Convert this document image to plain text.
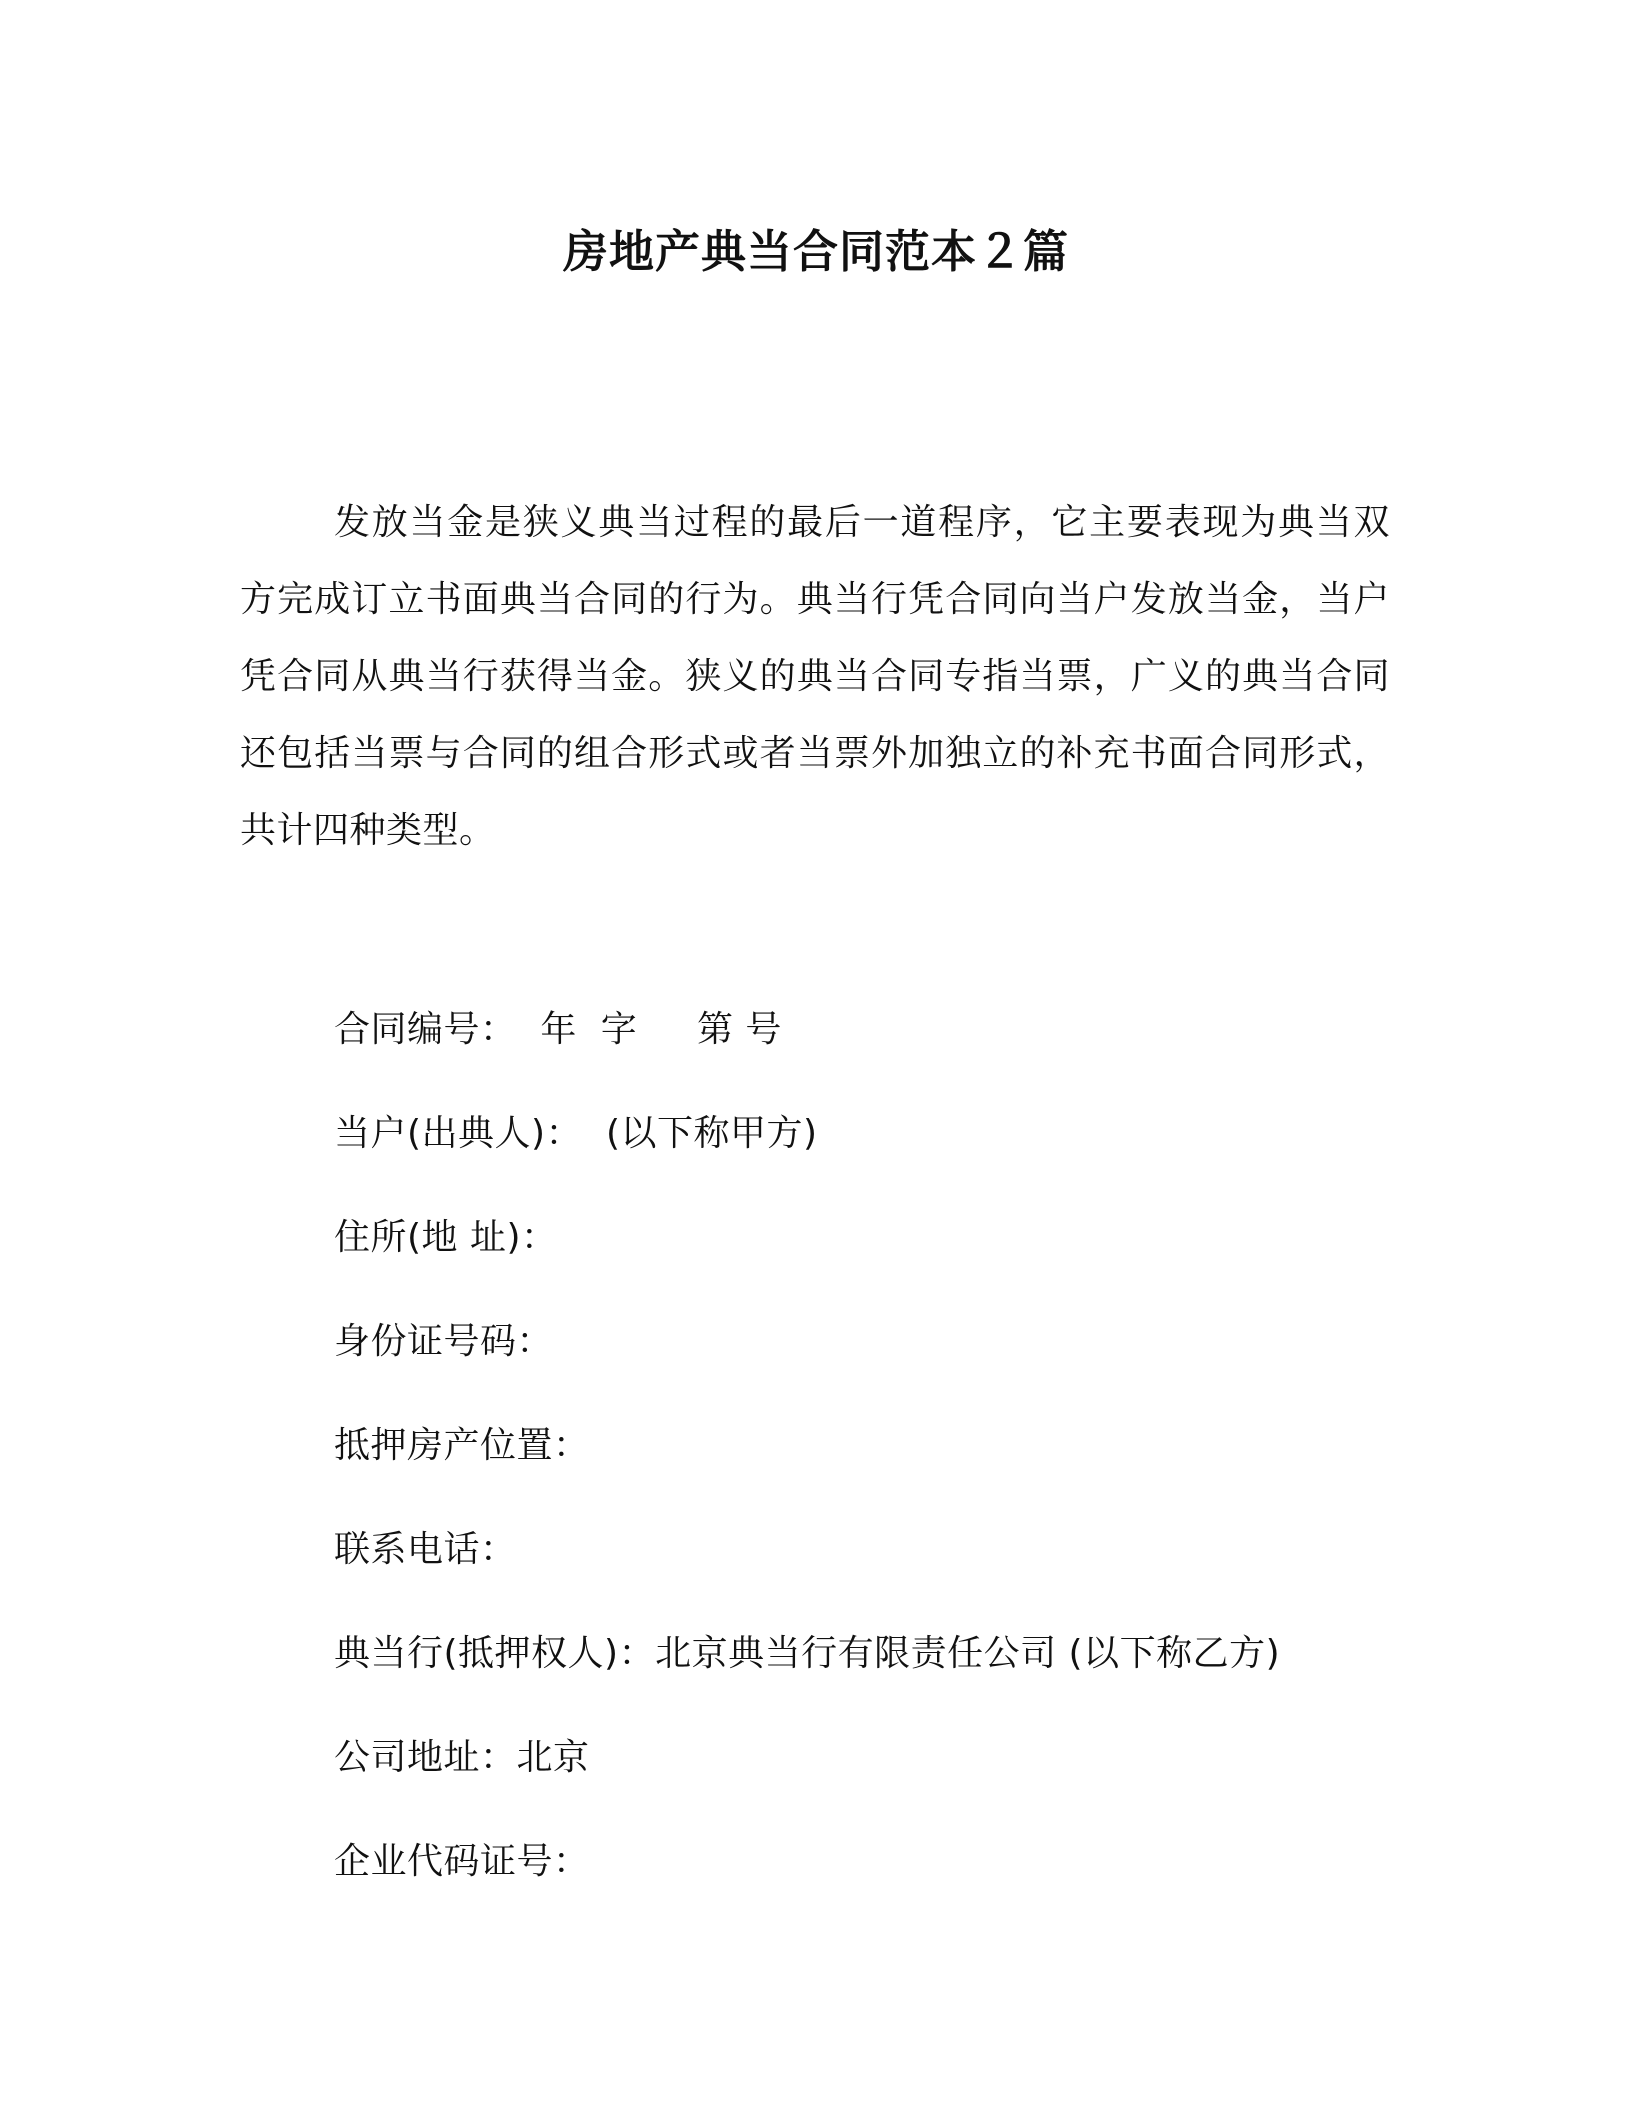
房地产典当合同范本２篇

发放当金是狭义典当过程的最后一道程序，它主要表现为典当双方完成订立书面典当合同的行为。典当行凭合同向当户发放当金，当户凭合同从典当行获得当金。狭义的典当合同专指当票，广义的典当合同还包括当票与合同的组合形式或者当票外加独立的补充书面合同形式，共计四种类型。

合同编号：  年  字     第 号
当户(出典人)：  (以下称甲方)
住所(地 址)：
身份证号码：
抵押房产位置：
联系电话：
典当行(抵押权人)：北京典当行有限责任公司 (以下称乙方)
公司地址：北京
企业代码证号：
